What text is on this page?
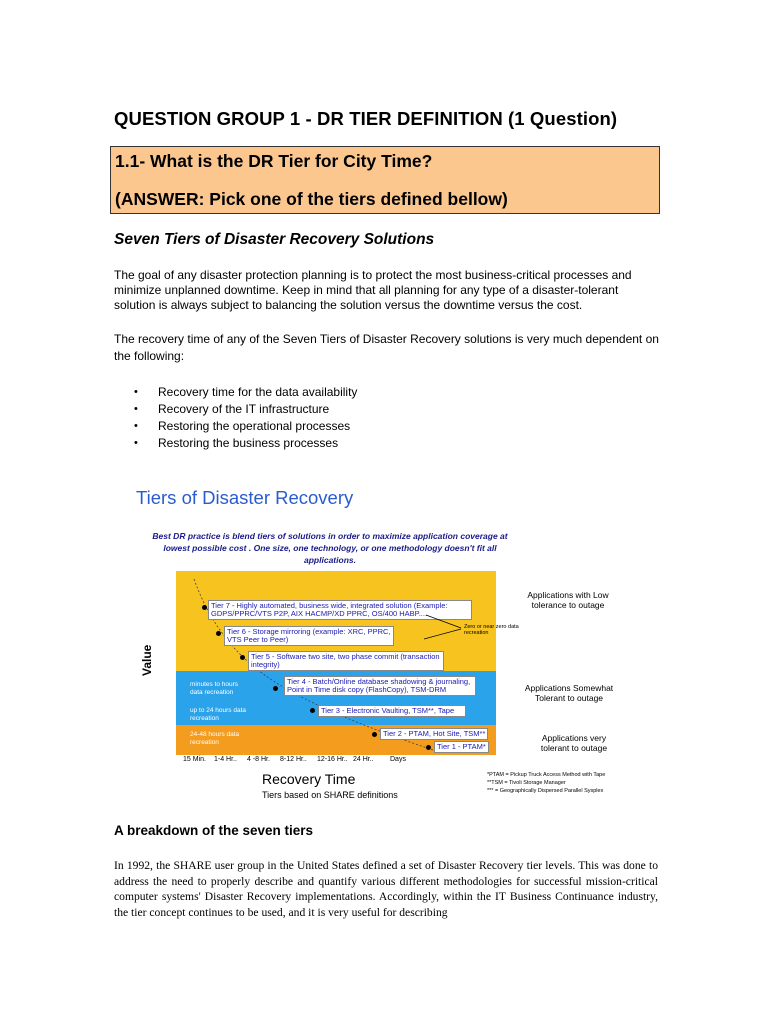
QUESTION GROUP 1 - DR TIER DEFINITION (1 Question)
1.1- What is the DR Tier for City Time?
(ANSWER: Pick one of the tiers defined bellow)
Seven Tiers of Disaster Recovery Solutions
The goal of any disaster protection planning is to protect the most business-critical processes and minimize unplanned downtime. Keep in mind that all planning for any type of a disaster-tolerant solution is always subject to balancing the solution versus the downtime versus the cost.
The recovery time of any of the Seven Tiers of Disaster Recovery solutions is very much dependent on the following:
• Recovery time for the data availability
• Recovery of the IT infrastructure
• Restoring the operational processes
• Restoring the business processes
Tiers of Disaster Recovery
Best DR practice is blend tiers of solutions in order to maximize application coverage at lowest possible cost . One size, one technology, or one methodology doesn't fit all applications.
Value
Tier 7 - Highly automated, business wide, integrated solution (Example: GDPS/PPRC/VTS P2P, AIX HACMP/XD PPRC, OS/400 HABP....
Tier 6 - Storage mirroring (example: XRC, PPRC, VTS Peer to Peer)
Tier 5 - Software two site, two phase commit (transaction integrity)
Zero or near zero data recreation
minutes to hours data recreation
Tier 4 - Batch/Online database shadowing & journaling, Point in Time disk copy (FlashCopy), TSM-DRM
up to 24 hours data recreation
Tier 3 - Electronic Vaulting, TSM**, Tape
24-48 hours data recreation
Tier 2 - PTAM, Hot Site, TSM**
Tier 1 - PTAM*
Applications with Low tolerance to outage
Applications Somewhat Tolerant to outage
Applications very tolerant to outage
15 Min. 1-4 Hr.. 4 -8 Hr. 8-12 Hr.. 12-16 Hr.. 24 Hr.. Days
Recovery Time
Tiers based on SHARE definitions
*PTAM = Pickup Truck Access Method with Tape
**TSM = Tivoli Storage Manager
*** = Geographically Dispersed Parallel Sysplex
A breakdown of the seven tiers
In 1992, the SHARE user group in the United States defined a set of Disaster Recovery tier levels. This was done to address the need to properly describe and quantify various different methodologies for successful mission-critical computer systems' Disaster Recovery implementations. Accordingly, within the IT Business Continuance industry, the tier concept continues to be used, and it is very useful for describing
